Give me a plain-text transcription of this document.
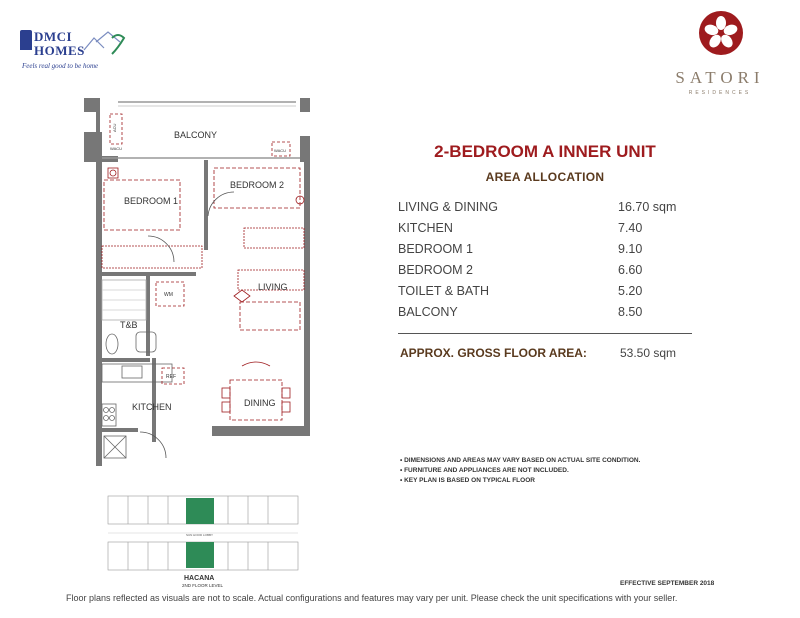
DMCI
HOMES
Feels real good to be home
SATORI
RESIDENCES
BALCONY
ACU
WACU	WACU
BEDROOM 1
BEDROOM 2
LIVING
T&B
WM
KITCHEN
REF
DINING
SUN HOOD LOBBY
HACANA
2ND FLOOR LEVEL
2-BEDROOM A INNER UNIT
AREA ALLOCATION
LIVING & DINING	16.70 sqm
KITCHEN	7.40
BEDROOM 1	9.10
BEDROOM 2	6.60
TOILET & BATH	5.20
BALCONY	8.50
APPROX. GROSS FLOOR AREA:	53.50 sqm
• DIMENSIONS AND AREAS MAY VARY BASED ON ACTUAL SITE CONDITION.
• FURNITURE AND APPLIANCES ARE NOT INCLUDED.
• KEY PLAN IS BASED ON TYPICAL FLOOR
EFFECTIVE SEPTEMBER 2018
Floor plans reflected as visuals are not to scale. Actual configurations and features may vary per unit. Please check the unit specifications with your seller.
